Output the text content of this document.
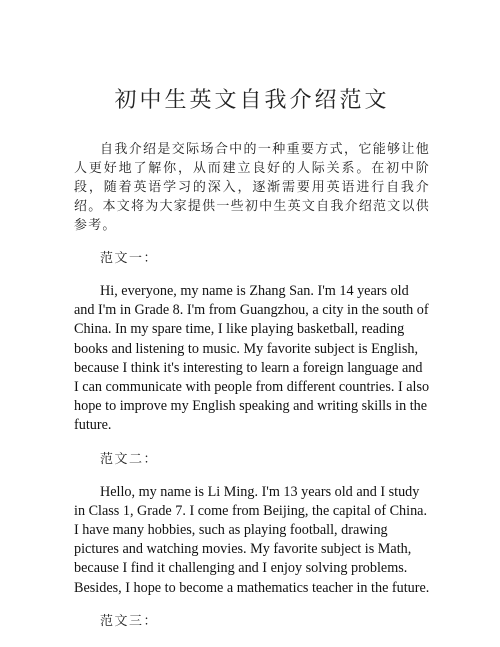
初中生英文自我介绍范文

自我介绍是交际场合中的一种重要方式，它能够让他人更好地了解你，从而建立良好的人际关系。在初中阶段，随着英语学习的深入，逐渐需要用英语进行自我介绍。本文将为大家提供一些初中生英文自我介绍范文以供参考。

范文一：

Hi, everyone, my name is Zhang San. I'm 14 years old and I'm in Grade 8. I'm from Guangzhou, a city in the south of China. In my spare time, I like playing basketball, reading books and listening to music. My favorite subject is English, because I think it's interesting to learn a foreign language and I can communicate with people from different countries. I also hope to improve my English speaking and writing skills in the future.

范文二：

Hello, my name is Li Ming. I'm 13 years old and I study in Class 1, Grade 7. I come from Beijing, the capital of China. I have many hobbies, such as playing football, drawing pictures and watching movies. My favorite subject is Math, because I find it challenging and I enjoy solving problems. Besides, I hope to become a mathematics teacher in the future.

范文三：
